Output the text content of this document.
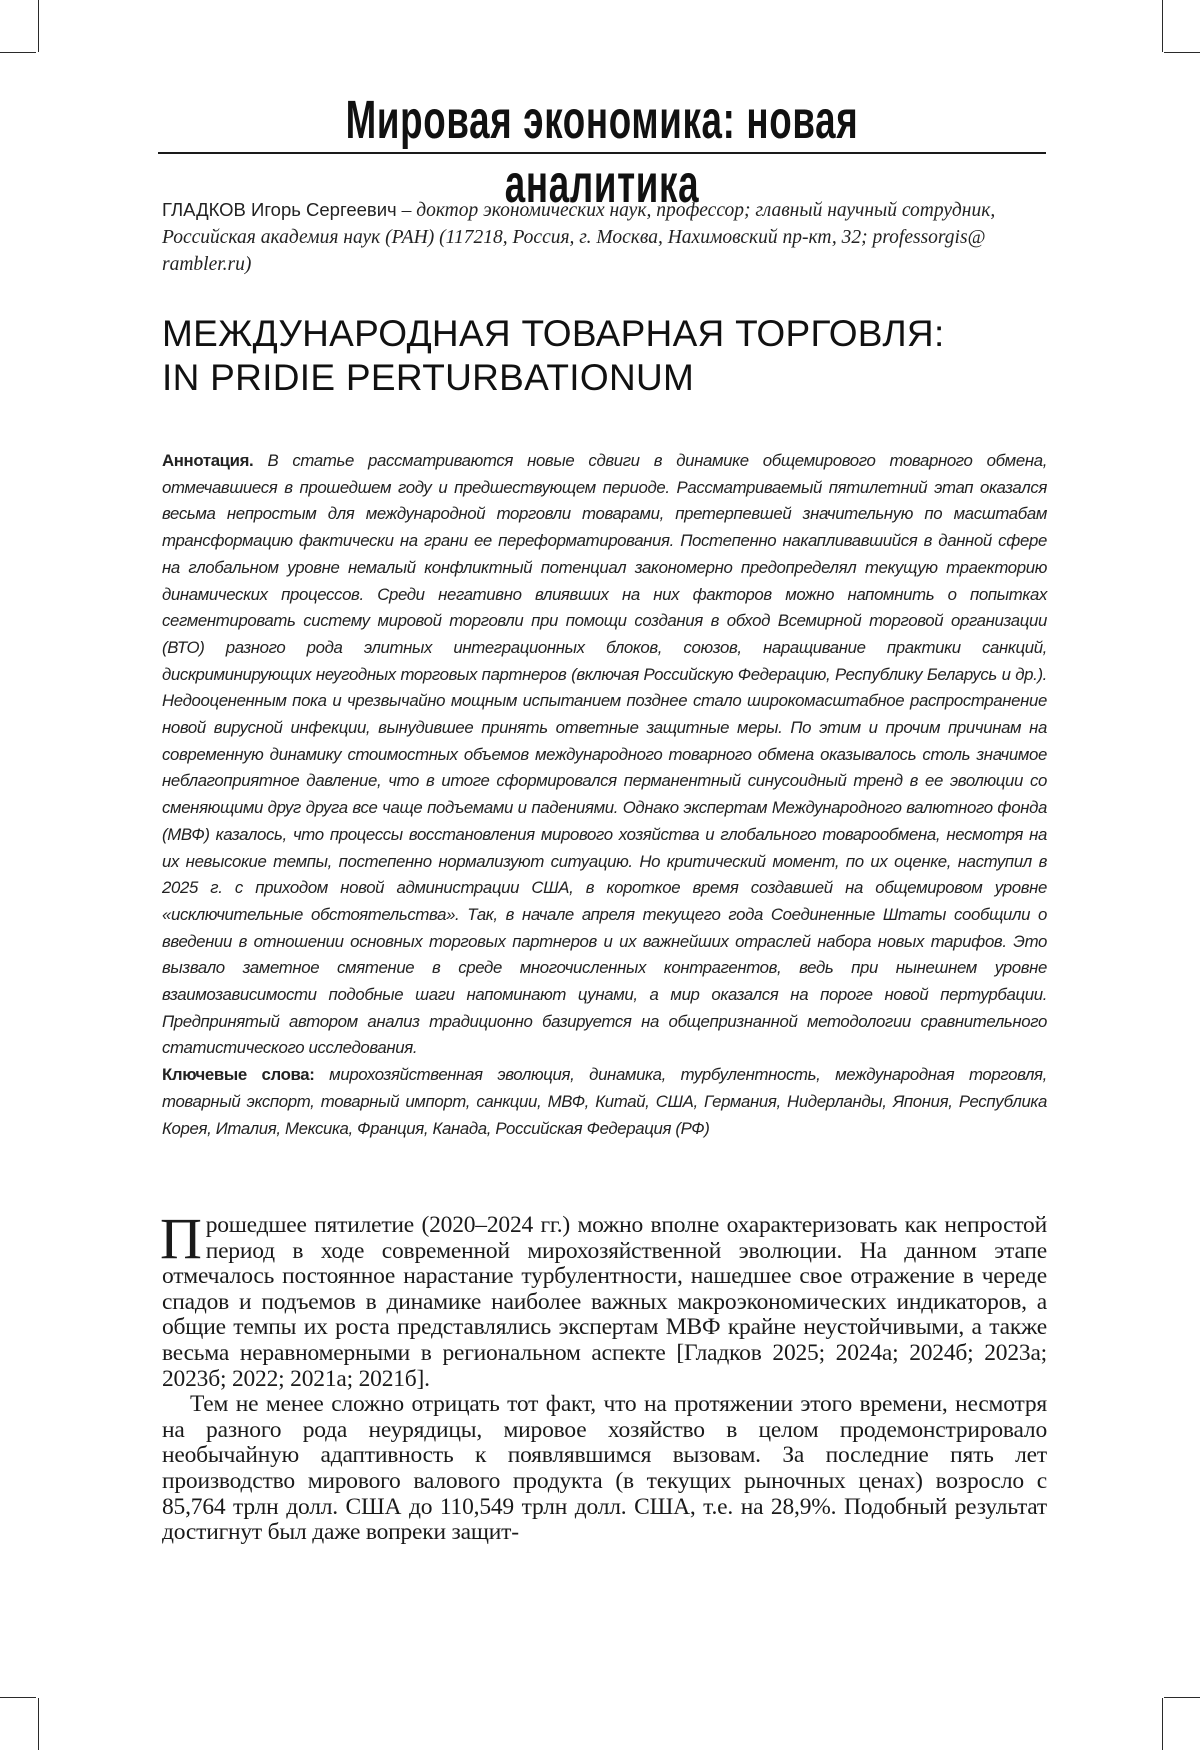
Мировая экономика: новая аналитика
ГЛАДКОВ Игорь Сергеевич – доктор экономических наук, профессор; главный научный сотрудник, Российская академия наук (РАН) (117218, Россия, г. Москва, Нахимовский пр-кт, 32; professorgis@ rambler.ru)
МЕЖДУНАРОДНАЯ ТОВАРНАЯ ТОРГОВЛЯ:
IN PRIDIE PERTURBATIONUM
Аннотация. В статье рассматриваются новые сдвиги в динамике общемирового товарного обмена, отмечавшиеся в прошедшем году и предшествующем периоде. Рассматриваемый пятилетний этап оказался весьма непростым для международной торговли товарами, претерпевшей значительную по масштабам трансформацию фактически на грани ее переформатирования. Постепенно накапливавшийся в данной сфере на глобальном уровне немалый конфликтный потенциал закономерно предопределял текущую траекторию динамических процессов. Среди негативно влиявших на них факторов можно напомнить о попытках сегментировать систему мировой торговли при помощи создания в обход Всемирной торговой организации (ВТО) разного рода элитных интеграционных блоков, союзов, наращивание практики санкций, дискриминирующих неугодных торговых партнеров (включая Российскую Федерацию, Республику Беларусь и др.). Недооцененным пока и чрезвычайно мощным испытанием позднее стало широкомасштабное распространение новой вирусной инфекции, вынудившее принять ответные защитные меры. По этим и прочим причинам на современную динамику стоимостных объемов международного товарного обмена оказывалось столь значимое неблагоприятное давление, что в итоге сформировался перманентный синусоидный тренд в ее эволюции со сменяющими друг друга все чаще подъемами и падениями. Однако экспертам Международного валютного фонда (МВФ) казалось, что процессы восстановления мирового хозяйства и глобального товарообмена, несмотря на их невысокие темпы, постепенно нормализуют ситуацию. Но критический момент, по их оценке, наступил в 2025 г. с приходом новой администрации США, в короткое время создавшей на общемировом уровне «исключительные обстоятельства». Так, в начале апреля текущего года Соединенные Штаты сообщили о введении в отношении основных торговых партнеров и их важнейших отраслей набора новых тарифов. Это вызвало заметное смятение в среде многочисленных контрагентов, ведь при нынешнем уровне взаимозависимости подобные шаги напоминают цунами, а мир оказался на пороге новой пертурбации. Предпринятый автором анализ традиционно базируется на общепризнанной методологии сравнительного статистического исследования.
Ключевые слова: мирохозяйственная эволюция, динамика, турбулентность, международная торговля, товарный экспорт, товарный импорт, санкции, МВФ, Китай, США, Германия, Нидерланды, Япония, Республика Корея, Италия, Мексика, Франция, Канада, Российская Федерация (РФ)

Прошедшее пятилетие (2020–2024 гг.) можно вполне охарактеризовать как непростой период в ходе современной мирохозяйственной эволюции. На данном этапе отмечалось постоянное нарастание турбулентности, нашедшее свое отражение в череде спадов и подъемов в динамике наиболее важных макроэкономических индикаторов, а общие темпы их роста представлялись экспертам МВФ крайне неустойчивыми, а также весьма неравномерными в региональном аспекте [Гладков 2025; 2024а; 2024б; 2023а; 2023б; 2022; 2021а; 2021б].

Тем не менее сложно отрицать тот факт, что на протяжении этого времени, несмотря на разного рода неурядицы, мировое хозяйство в целом продемонстрировало необычайную адаптивность к появлявшимся вызовам. За последние пять лет производство мирового валового продукта (в текущих рыночных ценах) возросло с 85,764 трлн долл. США до 110,549 трлн долл. США, т.е. на 28,9%. Подобный результат достигнут был даже вопреки защит-
